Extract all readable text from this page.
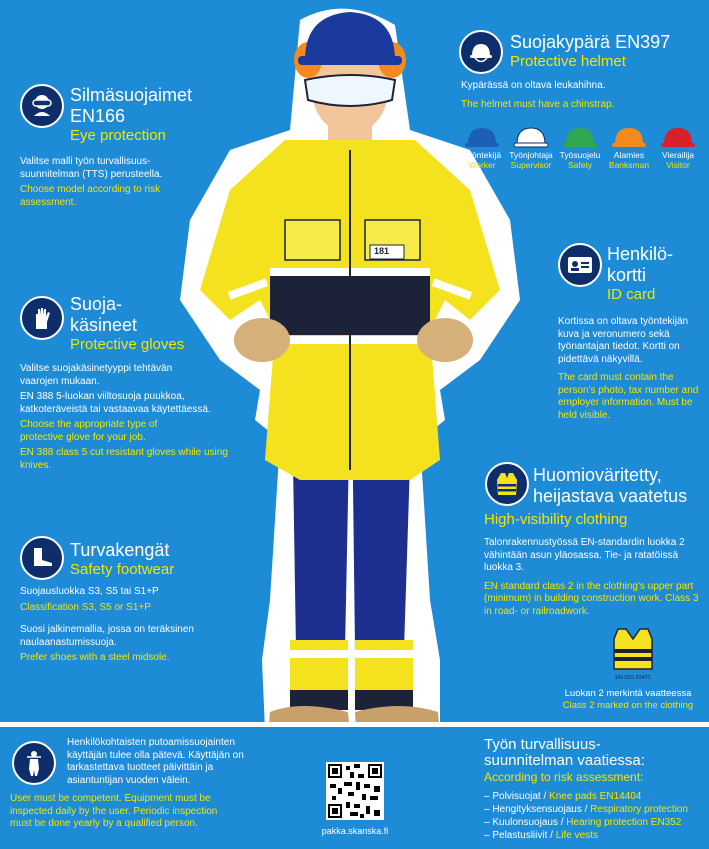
181
Silmäsuojaimet EN166
Eye protection

Valitse malli työn turvallisuus-suunnitelman (TTS) perusteella.

Choose model according to risk assessment.

Suoja-käsineet
Protective gloves

Valitse suojakäsinetyyppi tehtävän vaarojen mukaan.

EN 388 5-luokan viiltosuoja puukkoa, katkoteräveistä tai vastaavaa käytettäessä.

Choose the appropriate type of protective glove for your job.

EN 388 class 5 cut resistant gloves while using knives.

Turvakengät
Safety footwear

Suojausluokka S3, S5 tai S1+P

Classification S3, S5 or S1+P

Suosi jalkinemallia, jossa on teräksinen naulaanastumissuoja.

Prefer shoes with a steel midsole.

Suojakypärä EN397
Protective helmet

Kypärässä on oltava leukahihna.

The helmet must have a chinstrap.

Työntekijä
Worker
Työnjohtaja
Supervisor
Työsuojelu
Safety
Alamies
Banksman
Vierailija
Visitor
Henkilö-
kortti
ID card

Kortissa on oltava työntekijän kuva ja veronumero sekä työnantajan tiedot. Kortti on pidettävä näkyvillä.

The card must contain the person's photo, tax number and employer information. Must be held visible.

Huomioväritetty,
heijastava vaatetus
High-visibility clothing

Talonrakennustyössä EN-standardin luokka 2 vähintään asun yläosassa. Tie- ja ratatöissä luokka 3.

EN standard class 2 in the clothing's upper part (minimum) in building construction work. Class 3 in road- or railroadwork.

EN ISO 20471
Luokan 2 merkintä vaatteessa
Class 2 marked on the clothing

Henkilökohtaisten putoamissuojainten käyttäjän tulee olla pätevä. Käyttäjän on tarkastettava tuotteet päivittäin ja asiantuntijan vuoden välein.

User must be competent. Equipment must be inspected daily by the user. Periodic inspection must be done yearly by a qualified person.

pakka.skanska.fi
Työn turvallisuus-
suunnitelman vaatiessa:
According to risk assessment:
– Polvisuojat / Knee pads EN14404
– Hengityksensuojaus / Respiratory protection
– Kuulonsuojaus / Hearing protection EN352
– Pelastusliivit / Life vests
